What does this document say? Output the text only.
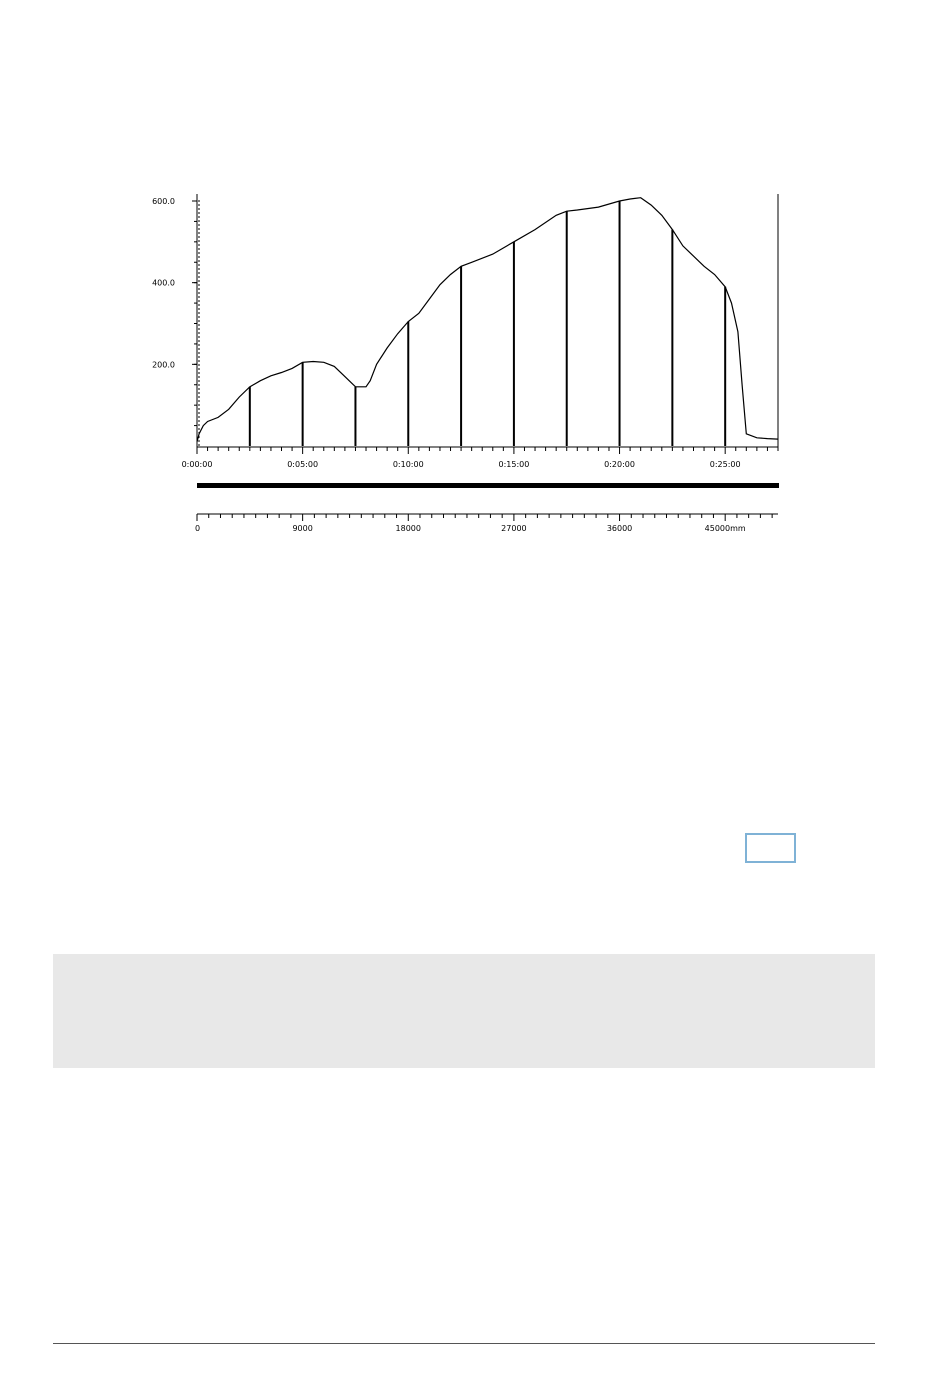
200.0
400.0
600.0
0:00:00	0:05:00	0:10:00	0:15:00	0:20:00	0:25:00
0	9000	18000	27000	36000	45000mm
